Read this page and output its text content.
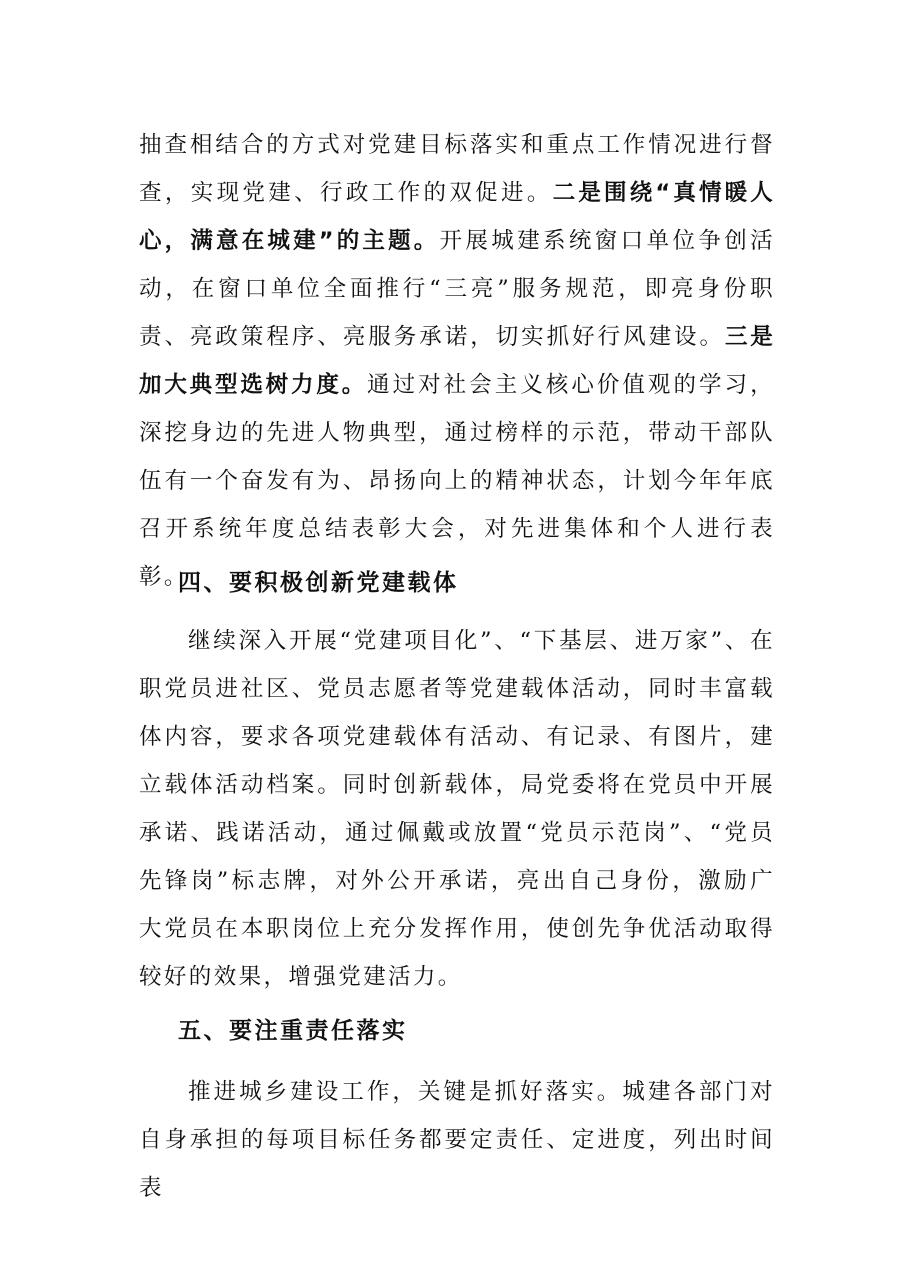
抽查相结合的方式对党建目标落实和重点工作情况进行督查，实现党建、行政工作的双促进。二是围绕“真情暖人心，满意在城建”的主题。开展城建系统窗口单位争创活动，在窗口单位全面推行“三亮”服务规范，即亮身份职责、亮政策程序、亮服务承诺，切实抓好行风建设。三是加大典型选树力度。通过对社会主义核心价值观的学习，深挖身边的先进人物典型，通过榜样的示范，带动干部队伍有一个奋发有为、昂扬向上的精神状态，计划今年年底召开系统年度总结表彰大会，对先进集体和个人进行表彰。
四、要积极创新党建载体
继续深入开展“党建项目化”、“下基层、进万家”、在职党员进社区、党员志愿者等党建载体活动，同时丰富载体内容，要求各项党建载体有活动、有记录、有图片，建立载体活动档案。同时创新载体，局党委将在党员中开展承诺、践诺活动，通过佩戴或放置“党员示范岗”、“党员先锋岗”标志牌，对外公开承诺，亮出自己身份，激励广大党员在本职岗位上充分发挥作用，使创先争优活动取得较好的效果，增强党建活力。
五、要注重责任落实
推进城乡建设工作，关键是抓好落实。城建各部门对自身承担的每项目标任务都要定责任、定进度，列出时间表
